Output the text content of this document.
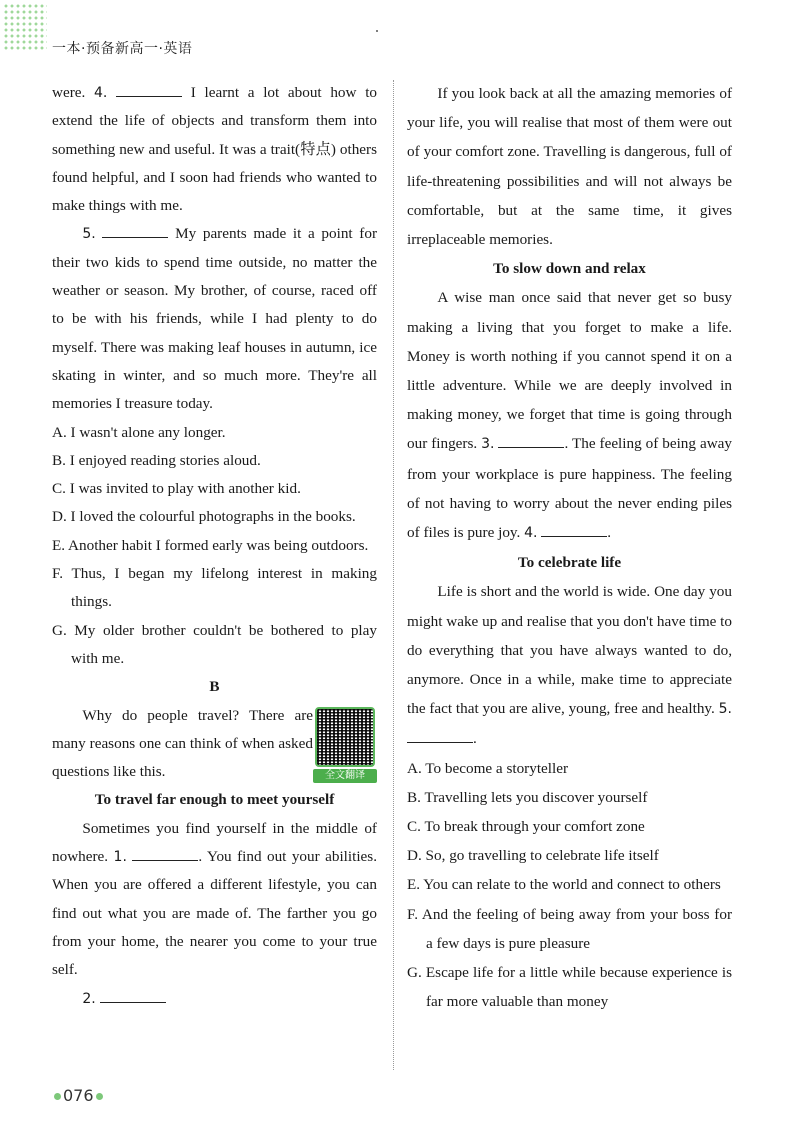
一本·预备新高一·英语

were. 4.	I learnt a lot about how to extend the life of objects and transform them into something new and useful. It was a trait(特点) others found helpful, and I soon had friends who wanted to make things with me.

5.	My parents made it a point for their two kids to spend time outside, no matter the weather or season. My brother, of course, raced off to be with his friends, while I had plenty to do myself. There was making leaf houses in autumn, ice skating in winter, and so much more. They're all memories I treasure today.

A. I wasn't alone any longer.

B. I enjoyed reading stories aloud.

C. I was invited to play with another kid.

D. I loved the colourful photographs in the books.

E. Another habit I formed early was being outdoors.

F. Thus, I began my lifelong interest in making things.

G. My older brother couldn't be bothered to play with me.

B

Why do people travel? There are many reasons one can think of when asked questions like this.	全文翻译

To travel far enough to meet yourself

Sometimes you find yourself in the middle of nowhere. 1.	. You find out your abilities. When you are offered a different lifestyle, you can find out what you are made of. The farther you go from your home, the nearer you come to your true self.

2.

If you look back at all the amazing memories of your life, you will realise that most of them were out of your comfort zone. Travelling is dangerous, full of life-threatening possibilities and will not always be comfortable, but at the same time, it gives irreplaceable memories.

To slow down and relax

A wise man once said that never get so busy making a living that you forget to make a life. Money is worth nothing if you cannot spend it on a little adventure. While we are deeply involved in making money, we forget that time is going through our fingers. 3.	. The feeling of being away from your workplace is pure happiness. The feeling of not having to worry about the never ending piles of files is pure joy. 4.	.

To celebrate life

Life is short and the world is wide. One day you might wake up and realise that you don't have time to do everything that you have always wanted to do, anymore. Once in a while, make time to appreciate the fact that you are alive, young, free and healthy. 5. .

A. To become a storyteller

B. Travelling lets you discover yourself

C. To break through your comfort zone

D. So, go travelling to celebrate life itself

E. You can relate to the world and connect to others

F. And the feeling of being away from your boss for a few days is pure pleasure

G. Escape life for a little while because experience is far more valuable than money

076
